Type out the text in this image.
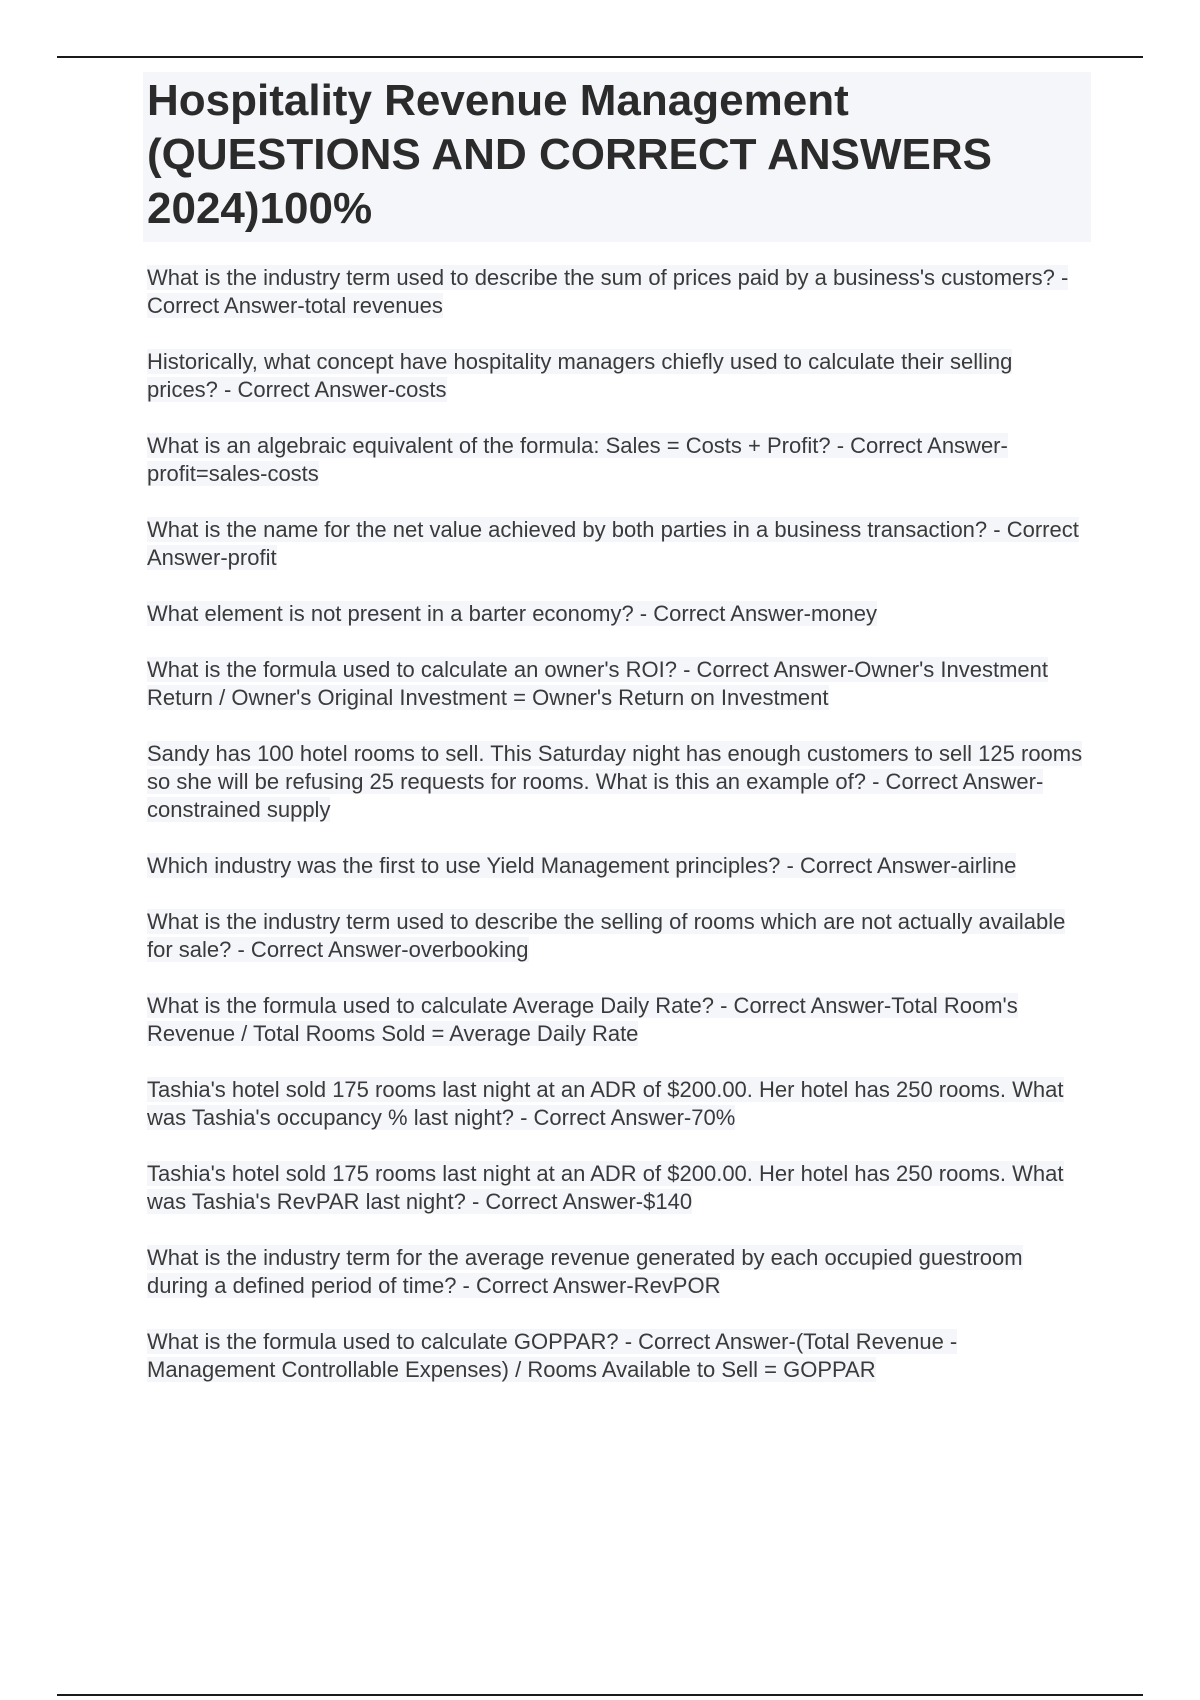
Hospitality Revenue Management (QUESTIONS AND CORRECT ANSWERS 2024)100%
What is the industry term used to describe the sum of prices paid by a business's customers? - Correct Answer-total revenues
Historically, what concept have hospitality managers chiefly used to calculate their selling prices? - Correct Answer-costs
What is an algebraic equivalent of the formula: Sales = Costs + Profit? - Correct Answer-profit=sales-costs
What is the name for the net value achieved by both parties in a business transaction? - Correct Answer-profit
What element is not present in a barter economy? - Correct Answer-money
What is the formula used to calculate an owner's ROI? - Correct Answer-Owner's Investment Return / Owner's Original Investment = Owner's Return on Investment
Sandy has 100 hotel rooms to sell. This Saturday night has enough customers to sell 125 rooms so she will be refusing 25 requests for rooms. What is this an example of? - Correct Answer-constrained supply
Which industry was the first to use Yield Management principles? - Correct Answer-airline
What is the industry term used to describe the selling of rooms which are not actually available for sale? - Correct Answer-overbooking
What is the formula used to calculate Average Daily Rate? - Correct Answer-Total Room's Revenue / Total Rooms Sold = Average Daily Rate
Tashia's hotel sold 175 rooms last night at an ADR of $200.00. Her hotel has 250 rooms. What was Tashia's occupancy % last night? - Correct Answer-70%
Tashia's hotel sold 175 rooms last night at an ADR of $200.00. Her hotel has 250 rooms. What was Tashia's RevPAR last night? - Correct Answer-$140
What is the industry term for the average revenue generated by each occupied guestroom during a defined period of time? - Correct Answer-RevPOR
What is the formula used to calculate GOPPAR? - Correct Answer-(Total Revenue - Management Controllable Expenses) / Rooms Available to Sell = GOPPAR
